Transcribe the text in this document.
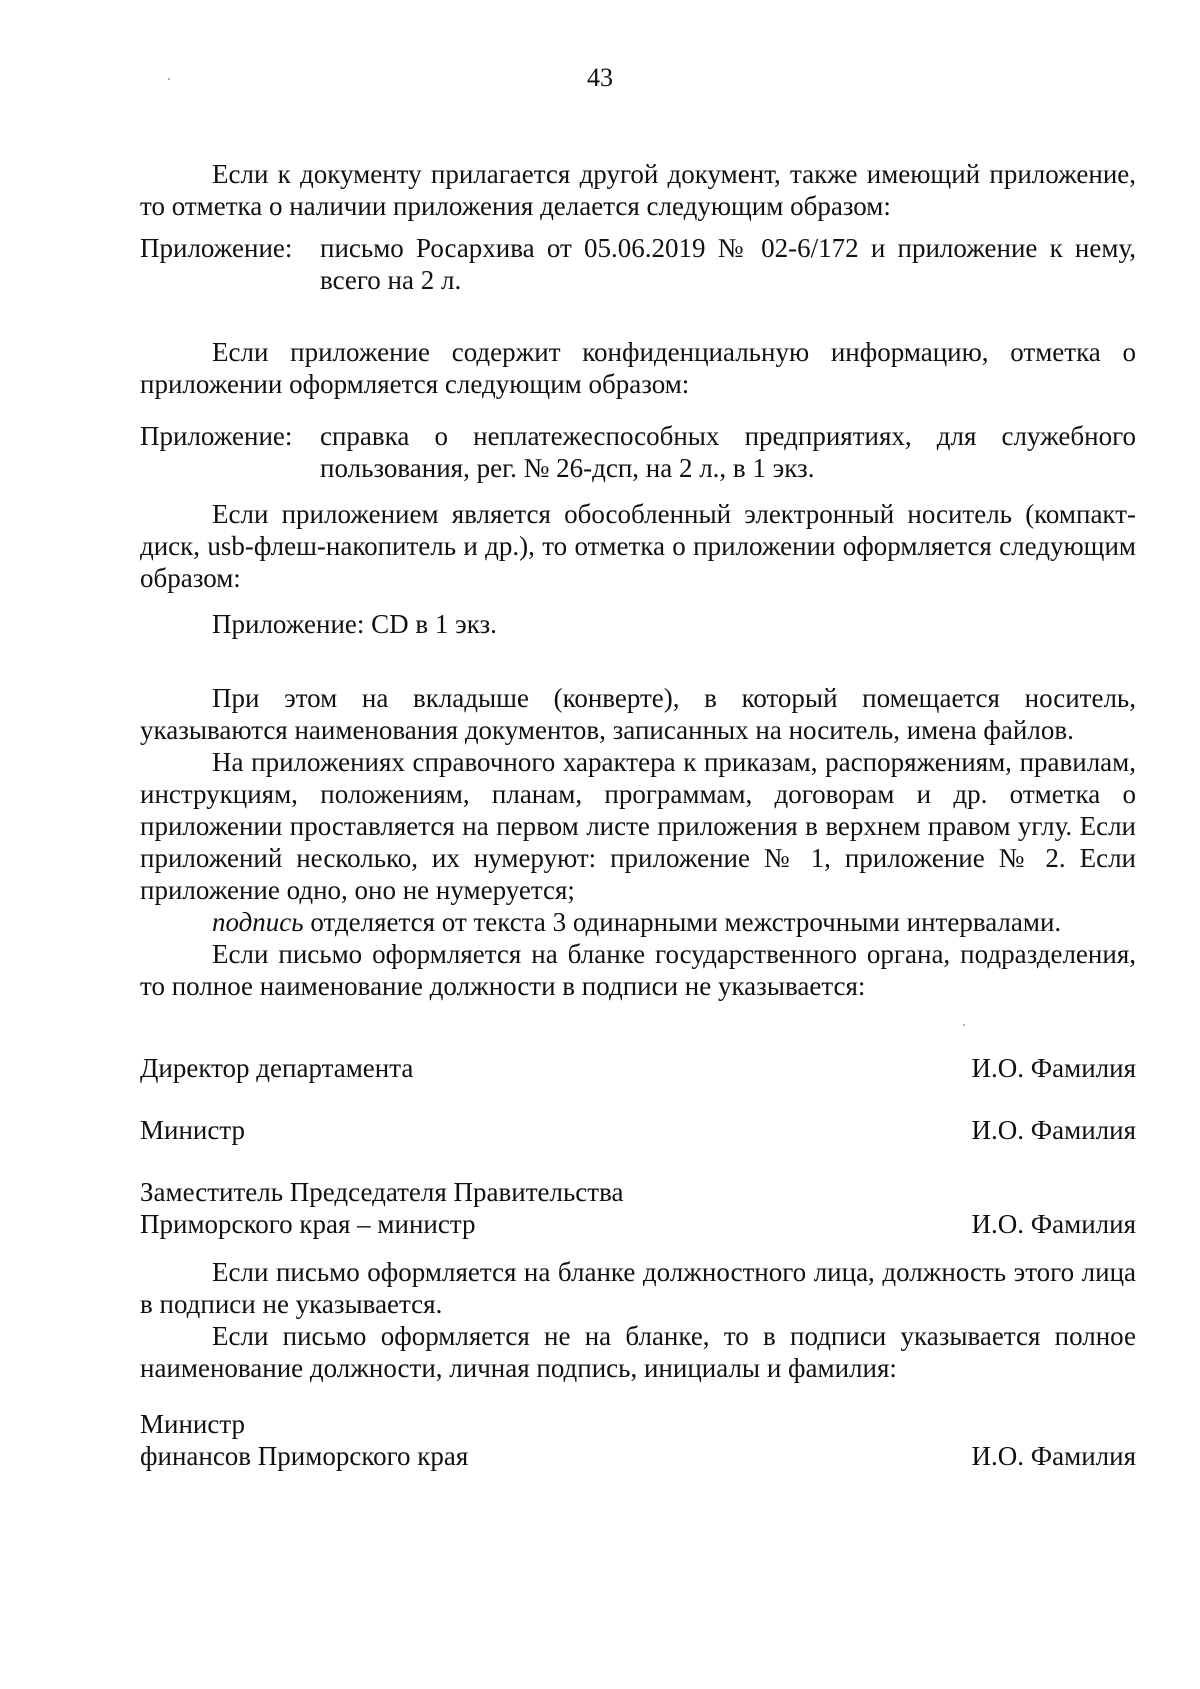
43

Если к документу прилагается другой документ, также имеющий приложение, то отметка о наличии приложения делается следующим образом:

Приложение:	письмо Росархива от 05.06.2019 № 02-6/172 и приложение к нему, всего на 2 л.

Если приложение содержит конфиденциальную информацию, отметка о приложении оформляется следующим образом:

Приложение:	справка о неплатежеспособных предприятиях, для служебного пользования, рег. № 26-дсп, на 2 л., в 1 экз.

Если приложением является обособленный электронный носитель (компакт-диск, usb-флеш-накопитель и др.), то отметка о приложении оформляется следующим образом:

Приложение: CD в 1 экз.

При этом на вкладыше (конверте), в который помещается носитель, указываются наименования документов, записанных на носитель, имена файлов.

На приложениях справочного характера к приказам, распоряжениям, правилам, инструкциям, положениям, планам, программам, договорам и др. отметка о приложении проставляется на первом листе приложения в верхнем правом углу. Если приложений несколько, их нумеруют: приложение № 1, приложение № 2. Если приложение одно, оно не нумеруется;

подпись отделяется от текста 3 одинарными межстрочными интервалами.

Если письмо оформляется на бланке государственного органа, подразделения, то полное наименование должности в подписи не указывается:

Директор департамента	И.О. Фамилия
Министр	И.О. Фамилия
Заместитель Председателя Правительства
Приморского края – министр	И.О. Фамилия

Если письмо оформляется на бланке должностного лица, должность этого лица в подписи не указывается.

Если письмо оформляется не на бланке, то в подписи указывается полное наименование должности, личная подпись, инициалы и фамилия:

Министр
финансов Приморского края	И.О. Фамилия
